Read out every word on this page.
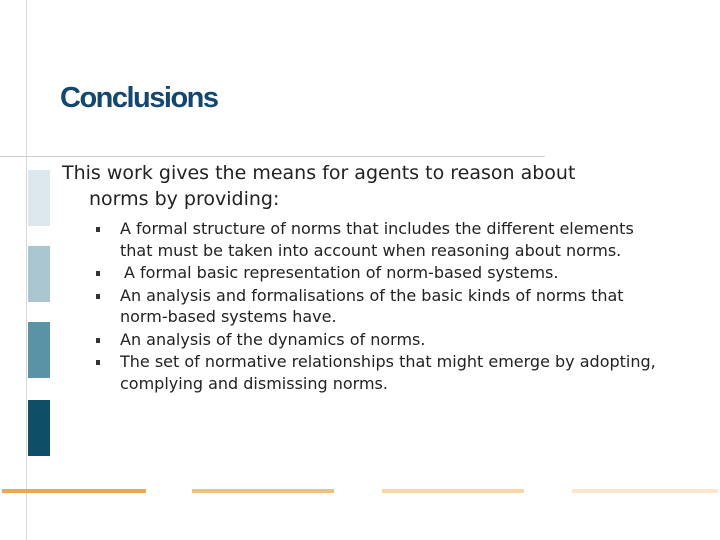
Conclusions
This work gives the means for agents to reason about
norms by providing:
A formal structure of norms that includes the different elements that must be taken into account when reasoning about norms.
A formal basic representation of norm-based systems.
An analysis and formalisations of the basic kinds of norms that norm-based systems have.
An analysis of the dynamics of norms.
The set of normative relationships that might emerge by adopting, complying and dismissing norms.
